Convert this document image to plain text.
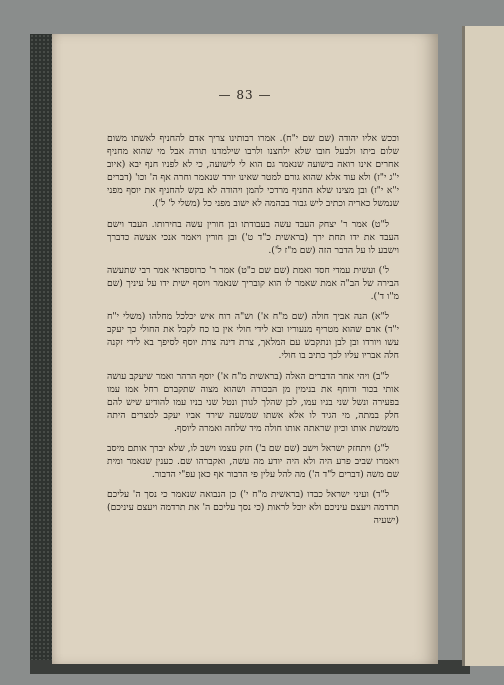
— 83 —

וככש אליו יהודה (שם שם י"ח). אמרו רבותינו צריך אדם להחניף לאשתו משום שלום ביתו ולבעל חובו שלא ילחצנו ולרבו שילמדנו תורה אבל מי שהוא מחניף אחרים אינו רואה בישועה שנאמר גם הוא לי לישועה, כי לא לפניו חנף יבא (איוב י"ג י"ז) ולא עוד אלא שהוא גורם למטר שאינו יורד שנאמר וחרה אף ה' וכו' (דברים י"א י"ז) ובן מצינו שלא החניף מרדכי להמן ויהודה לא בקש להחניף את יוסף מפני שנמשל כאריה וכתיב ליש גבור בבהמה לא ישוב מפני כל (משלי ל' ל').

ל"ט) אמר ר' יצחק העבד עשה בעבודתו ובן חורין עשה בחירותו. העבד וישם העבד את ידו תחת ירך (בראשית כ"ד ט') ובן חורין ויאמר אנכי אעשה כדברך וישבע לו על הדבר הזה (שם מ"ז ל').

ל') ועשית עמדי חסד ואמת (שם שם כ"ט) אמר ר' כרוספדאי אמר רבי שתעשה הבירה של הב"ה אמת שאמר לו הוא קובריך שנאמר ויוסף ישית ידו על עיניך (שם מ"ו ד').

ל"א) הנה אביך חולה (שם מ"ח א') וש"ה רוח איש יכלכל מחלהו (משלי י"ח י"ד) אדם שהוא מטריף מנעוריו ובא לידי חולי אין בו כח לקבל את החולי כך יעקב עשו ויורדו ובן לבן ונתקבש עם המלאך, צרת דינה צרת יוסף לסיפך בא לידי זקנה חלה אבריו עליו לכך כתיב בו חולי.

ל"ב) ויהי אחר הדברים האלה (בראשית מ"ח א') יוסף הרהר ואמר שיעקב עושה אותי בכור ודוחף את בנימין מן הבכורה ושהוא מצוה שתקברם רחל אמו עמו בפעירה ונשל שני בניו עמו, לכן שהלך לגורן ונטל שני בניו עמו להודיע שיש להם חלק במתה, מי הגיד לו אלא אשתו שמשעה שירד אביו יעקב למצרים היתה משמשת אותו וכיון שראתה אותו חולה מיד שלחה ואמרה ליוסף.

ל"ג) ויתחזק ישראל וישב (שם שם ב') חזק עצמו וישב לו, שלא יברך אותם מיסב ויאמרו שביב פרע היה ולא היה יודע מה עשה, ואקברהו שם. כענין שנאמר ומית שם משה (דברים ל"ד ה') מה להל עלין פי הדבור אף כאן עפ"י הדבור.

ל"ד) ועיני ישראל כבדו (בראשית מ"ח י') כן הנבואה שנאמר כי נסך ה' עליכם תרדמה ויעצם עיניכם ולא יוכל לראות (כי נסך עליכם ה' את תרדמה ויעצם עיניכם) (ישעיה
